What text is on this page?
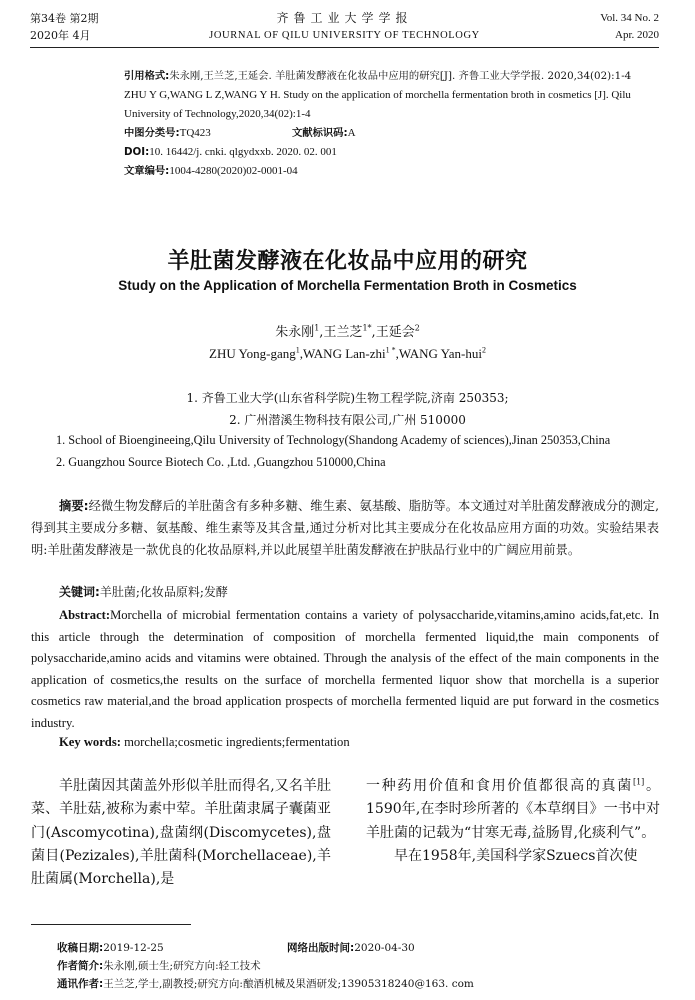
第34卷 第2期
2020年 4月
齐鲁工业大学学报
JOURNAL OF QILU UNIVERSITY OF TECHNOLOGY
Vol. 34 No. 2
Apr. 2020
引用格式:朱永刚,王兰芝,王延会. 羊肚菌发酵液在化妆品中应用的研究[J]. 齐鲁工业大学学报. 2020,34(02):1-4
ZHU Y G,WANG L Z,WANG Y H. Study on the application of morchella fermentation broth in cosmetics [J]. Qilu University of Technology,2020,34(02):1-4
中图分类号:TQ423	文献标识码:A
DOI:10. 16442/j. cnki. qlgydxxb. 2020. 02. 001
文章编号:1004-4280(2020)02-0001-04
羊肚菌发酵液在化妆品中应用的研究
Study on the Application of Morchella Fermentation Broth in Cosmetics
朱永刚$^1$,王兰芝$^{1*}$,王延会$^2$
ZHU Yong-gang$^1$,WANG Lan-zhi$^{1 *}$,WANG Yan-hui$^2$
1. 齐鲁工业大学(山东省科学院)生物工程学院,济南 250353;
2. 广州潜溪生物科技有限公司,广州 510000
1. School of Bioengineeing,Qilu University of Technology(Shandong Academy of sciences),Jinan 250353,China
2. Guangzhou Source Biotech Co. ,Ltd. ,Guangzhou 510000,China
摘要:经微生物发酵后的羊肚菌含有多种多糖、维生素、氨基酸、脂肪等。本文通过对羊肚菌发酵液成分的测定,得到其主要成分多糖、氨基酸、维生素等及其含量,通过分析对比其主要成分在化妆品应用方面的功效。实验结果表明:羊肚菌发酵液是一款优良的化妆品原料,并以此展望羊肚菌发酵液在护肤品行业中的广阔应用前景。
关键词:羊肚菌;化妆品原料;发酵
Abstract:Morchella of microbial fermentation contains a variety of polysaccharide,vitamins,amino acids,fat,etc. In this article through the determination of composition of morchella fermented liquid,the main components of polysaccharide,amino acids and vitamins were obtained. Through the analysis of the effect of the main components in the application of cosmetics,the results on the surface of morchella fermented liquor show that morchella is a superior cosmetics raw material,and the broad application prospects of morchella fermented liquid are put forward in the cosmetics industry.
Key words: morchella;cosmetic ingredients;fermentation

羊肚菌因其菌盖外形似羊肚而得名,又名羊肚菜、羊肚菇,被称为素中荤。羊肚菌隶属子囊菌亚门(Ascomycotina),盘菌纲(Discomycetes),盘菌目(Pezizales),羊肚菌科(Morchellaceae),羊肚菌属(Morchella),是

一种药用价值和食用价值都很高的真菌[1]。1590年,在李时珍所著的《本草纲目》一书中对羊肚菌的记载为“甘寒无毒,益肠胃,化痰利气”。

早在1958年,美国科学家Szuecs首次使

收稿日期:2019-12-25	网络出版时间:2020-04-30
作者简介:朱永刚,硕士生;研究方向:轻工技术
通讯作者:王兰芝,学士,副教授;研究方向:酿酒机械及果酒研发;13905318240@163. com
